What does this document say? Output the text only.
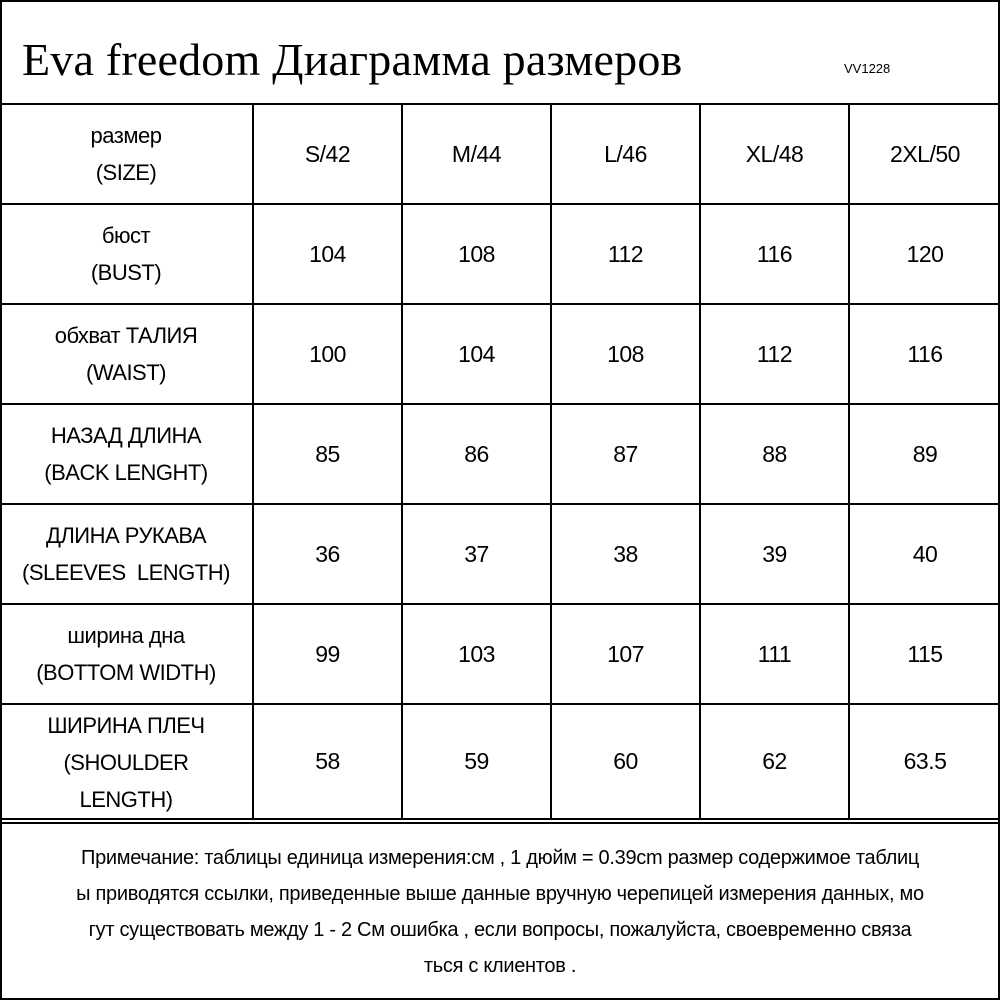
Eva freedom Диаграмма размеров	VV1228
размер
(SIZE)	S/42	M/44	L/46	XL/48	2XL/50

бюст
(BUST)	104	108	112	116	120

обхват ТАЛИЯ
(WAIST)	100	104	108	112	116

НАЗАД ДЛИНА
(BACK LENGHT)	85	86	87	88	89

ДЛИНА РУКАВА
(SLEEVES  LENGTH)	36	37	38	39	40

ширина дна
(BOTTOM WIDTH)	99	103	107	111	115

ШИРИНА ПЛЕЧ
(SHOULDER
LENGTH)	58	59	60	62	63.5
Примечание: таблицы единица измерения:см , 1 дюйм = 0.39cm размер содержимое таблиц
ы приводятся ссылки, приведенные выше данные вручную черепицей измерения данных, мо
гут существовать между 1 - 2 См ошибка , если вопросы, пожалуйста, своевременно связа
ться с клиентов .
